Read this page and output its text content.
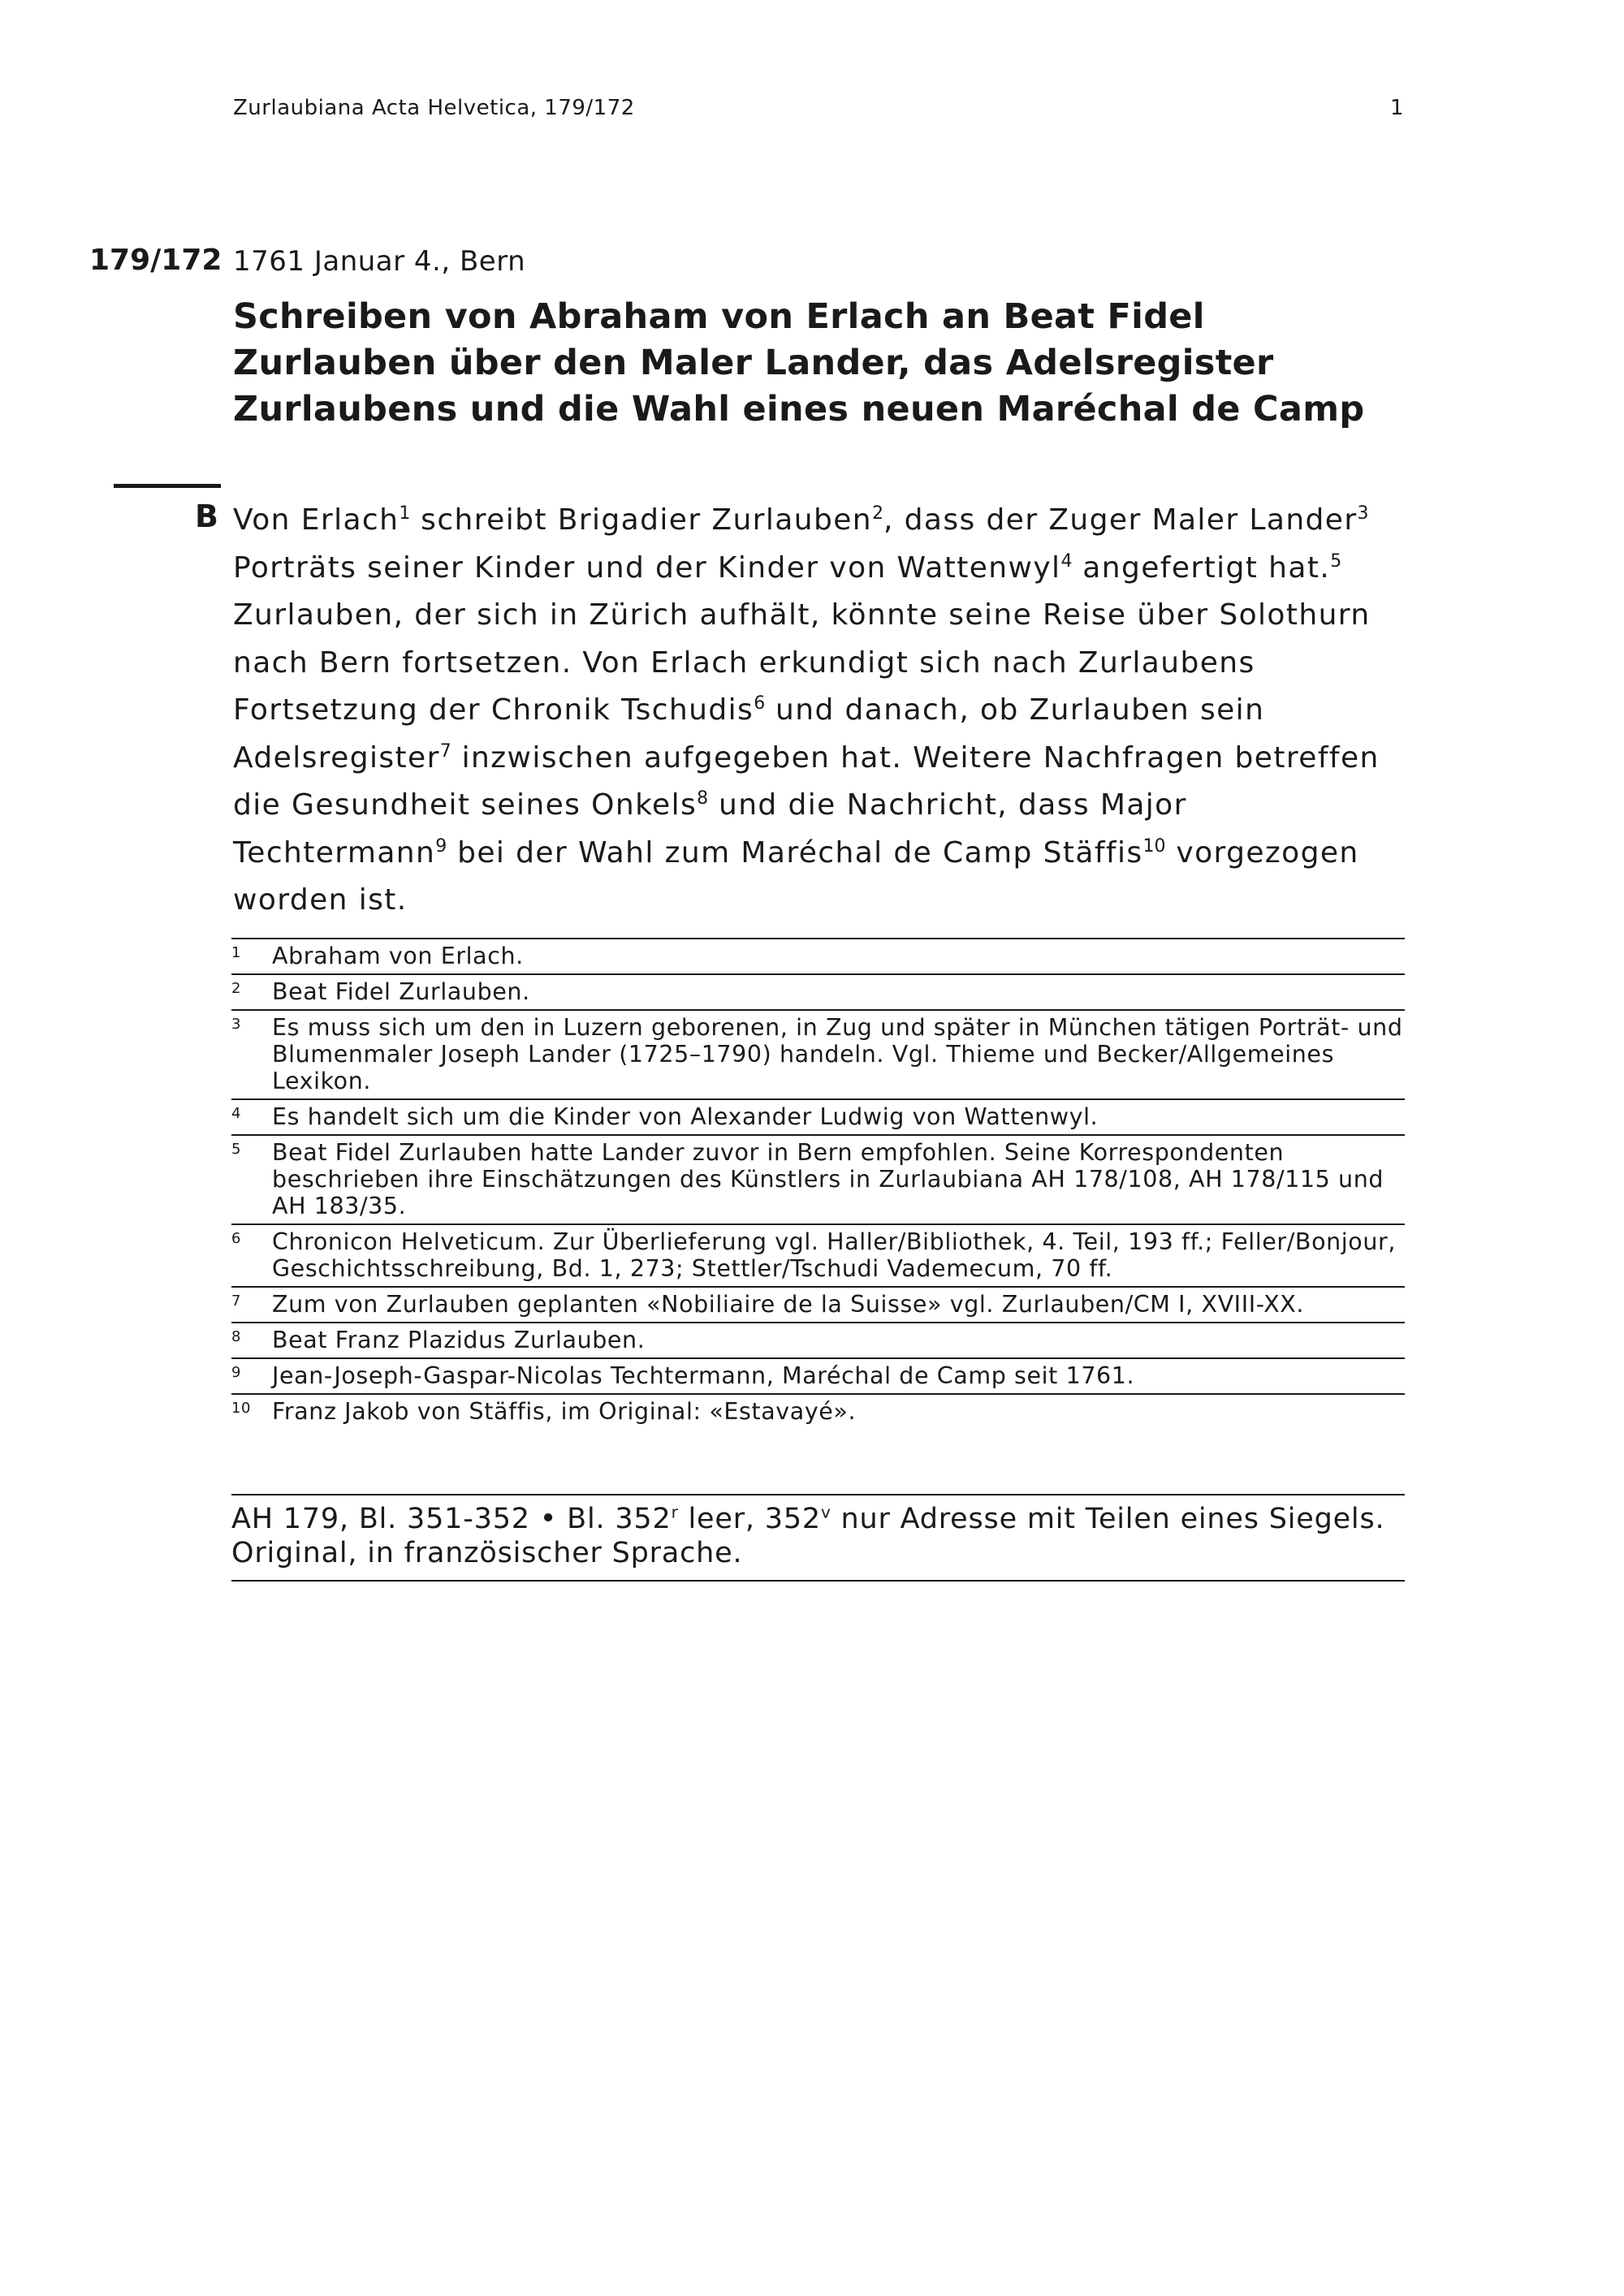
Zurlaubiana Acta Helvetica, 179/172	1
179/172 1761 Januar 4., Bern
Schreiben von Abraham von Erlach an Beat Fidel Zurlauben über den Maler Lander, das Adelsregister Zurlaubens und die Wahl eines neuen Maréchal de Camp
B Von Erlach$^1$ schreibt Brigadier Zurlauben$^2$, dass der Zuger Maler Lander$^3$ Porträts seiner Kinder und der Kinder von Wattenwyl$^4$ angefertigt hat.$^5$ Zurlauben, der sich in Zürich aufhält, könnte seine Reise über Solothurn nach Bern fortsetzen. Von Erlach erkundigt sich nach Zurlaubens Fortsetzung der Chronik Tschudis$^6$ und danach, ob Zurlauben sein Adelsregister$^7$ inzwischen aufgegeben hat. Weitere Nachfragen betreffen die Gesundheit seines Onkels$^8$ und die Nachricht, dass Major Techtermann$^9$ bei der Wahl zum Maréchal de Camp Stäffis$^{10}$ vorgezogen worden ist.

1	Abraham von Erlach.
2	Beat Fidel Zurlauben.
3	Es muss sich um den in Luzern geborenen, in Zug und später in München tätigen Porträt- und Blumenmaler Joseph Lander (1725–1790) handeln. Vgl. Thieme und Becker/Allgemeines Lexikon.
4	Es handelt sich um die Kinder von Alexander Ludwig von Wattenwyl.
5	Beat Fidel Zurlauben hatte Lander zuvor in Bern empfohlen. Seine Korrespondenten beschrieben ihre Einschätzungen des Künstlers in Zurlaubiana AH 178/108, AH 178/115 und AH 183/35.
6	Chronicon Helveticum. Zur Überlieferung vgl. Haller/Bibliothek, 4. Teil, 193 ff.; Feller/Bonjour, Geschichtsschreibung, Bd. 1, 273; Stettler/Tschudi Vademecum, 70 ff.
7	Zum von Zurlauben geplanten «Nobiliaire de la Suisse» vgl. Zurlauben/CM I, XVIII-XX.
8	Beat Franz Plazidus Zurlauben.
9	Jean-Joseph-Gaspar-Nicolas Techtermann, Maréchal de Camp seit 1761.
10	Franz Jakob von Stäffis, im Original: «Estavayé».
AH 179, Bl. 351-352 • Bl. 352$^r$ leer, 352$^v$ nur Adresse mit Teilen eines Siegels.
Original, in französischer Sprache.
